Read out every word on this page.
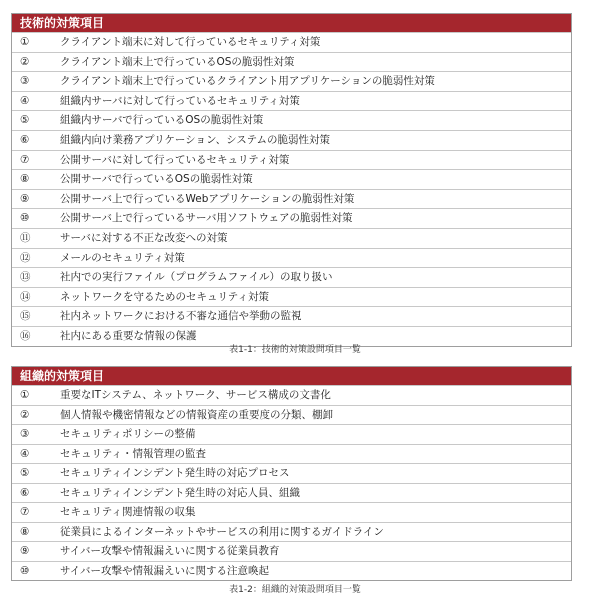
技術的対策項目
①	クライアント端末に対して行っているセキュリティ対策
②	クライアント端末上で行っているOSの脆弱性対策
③	クライアント端末上で行っているクライアント用アプリケーションの脆弱性対策
④	組織内サーバに対して行っているセキュリティ対策
⑤	組織内サーバで行っているOSの脆弱性対策
⑥	組織内向け業務アプリケーション、システムの脆弱性対策
⑦	公開サーバに対して行っているセキュリティ対策
⑧	公開サーバで行っているOSの脆弱性対策
⑨	公開サーバ上で行っているWebアプリケーションの脆弱性対策
⑩	公開サーバ上で行っているサーバ用ソフトウェアの脆弱性対策
⑪	サーバに対する不正な改変への対策
⑫	メールのセキュリティ対策
⑬	社内での実行ファイル（プログラムファイル）の取り扱い
⑭	ネットワークを守るためのセキュリティ対策
⑮	社内ネットワークにおける不審な通信や挙動の監視
⑯	社内にある重要な情報の保護
表1-1：技術的対策設問項目一覧
組織的対策項目
①	重要なITシステム、ネットワーク、サービス構成の文書化
②	個人情報や機密情報などの情報資産の重要度の分類、棚卸
③	セキュリティポリシーの整備
④	セキュリティ・情報管理の監査
⑤	セキュリティインシデント発生時の対応プロセス
⑥	セキュリティインシデント発生時の対応人員、組織
⑦	セキュリティ関連情報の収集
⑧	従業員によるインターネットやサービスの利用に関するガイドライン
⑨	サイバー攻撃や情報漏えいに関する従業員教育
⑩	サイバー攻撃や情報漏えいに関する注意喚起
表1-2：組織的対策設問項目一覧
